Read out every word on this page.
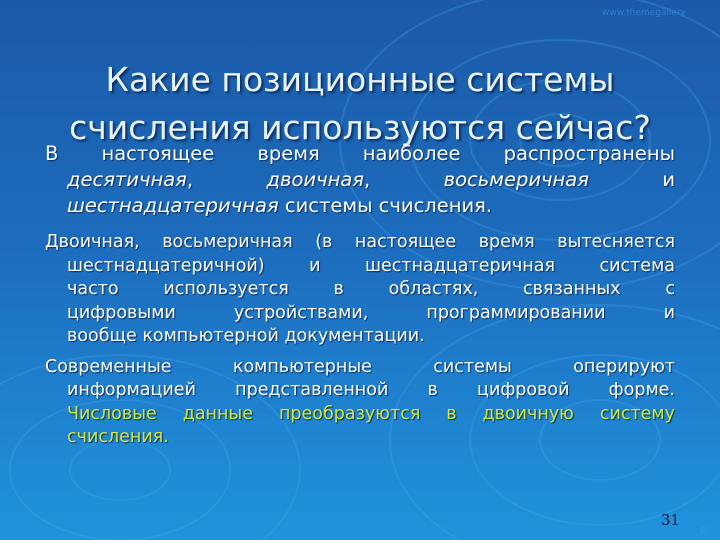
www.themegallery
Какие позиционные системы
счисления используются сейчас?
В настоящее время наиболее распространены
десятичная,	двоичная,	восьмеричная	и
шестнадцатеричная системы счисления.
Двоичная, восьмеричная (в настоящее время вытесняется
шестнадцатеричной) и шестнадцатеричная система
часто используется в областях, связанных с
цифровыми устройствами, программировании и
вообще компьютерной документации.
Современные компьютерные системы оперируют
информацией представленной в цифровой форме.
Числовые данные преобразуются в двоичную систему
счисления.
31
©
